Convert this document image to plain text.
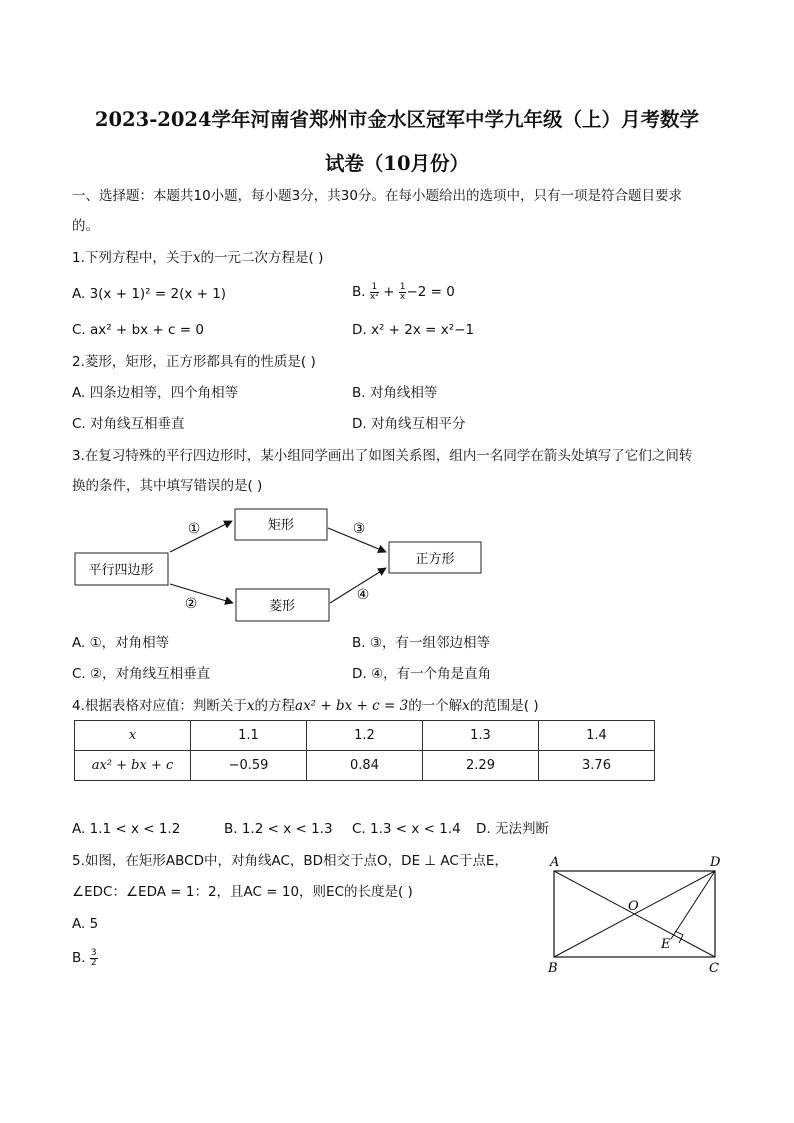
2023-2024学年河南省郑州市金水区冠军中学九年级（上）月考数学
试卷（10月份）
一、选择题：本题共10小题，每小题3分，共30分。在每小题给出的选项中，只有一项是符合题目要求
的。
1.下列方程中，关于x的一元二次方程是( )
A. 3(x + 1)² = 2(x + 1)	B. $\frac{1}{\text{x²}} + \frac{1}{x} -2 = 0$
C. ax² + bx + c = 0	D. x² + 2x = x²−1
2.菱形，矩形，正方形都具有的性质是( )
A. 四条边相等，四个角相等	B. 对角线相等
C. 对角线互相垂直	D. 对角线互相平分
3.在复习特殊的平行四边形时，某小组同学画出了如图关系图，组内一名同学在箭头处填写了它们之间转
换的条件，其中填写错误的是( )
平行四边形
矩形
菱形
正方形
①
②
③
④
A. ①，对角相等	B. ③，有一组邻边相等
C. ②，对角线互相垂直	D. ④，有一个角是直角
4.根据表格对应值：判断关于x的方程ax² + bx + c = 3的一个解x的范围是( )
x	1.1	1.2	1.3	1.4
ax² + bx + c	−0.59	0.84	2.29	3.76
A. 1.1 < x < 1.2	B. 1.2 < x < 1.3 C. 1.3 < x < 1.4 D. 无法判断
5.如图，在矩形ABCD中，对角线AC，BD相交于点O，DE ⊥ AC于点E，
∠EDC：∠EDA = 1：2，且AC = 10，则EC的长度是( )
A. 5
B. $\frac{3}{2}$
A	D
B	C
O
E
